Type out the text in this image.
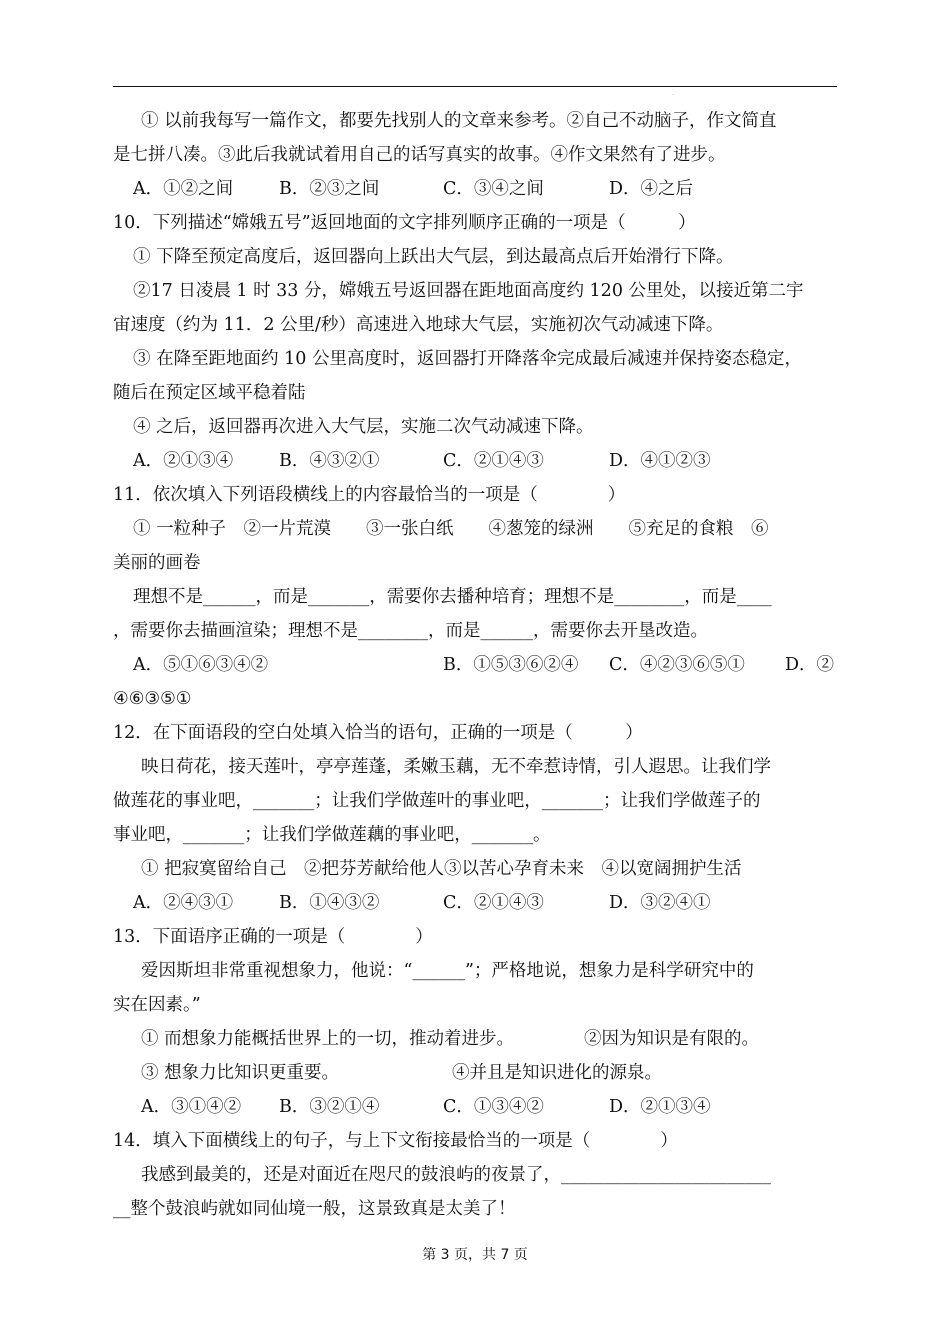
·
① 以前我每写一篇作文，都要先找别人的文章来参考。②自己不动脑子，作文简直
是七拼八凑。③此后我就试着用自己的话写真实的故事。④作文果然有了进步。
A．①②之间	B．②③之间	C．③④之间	D．④之后
10．下列描述“嫦娥五号”返回地面的文字排列顺序正确的一项是（　　　）
① 下降至预定高度后，返回器向上跃出大气层，到达最高点后开始滑行下降。
②17 日凌晨 1 时 33 分，嫦娥五号返回器在距地面高度约 120 公里处，以接近第二宇
宙速度（约为 11．2 公里/秒）高速进入地球大气层，实施初次气动减速下降。
③ 在降至距地面约 10 公里高度时，返回器打开降落伞完成最后减速并保持姿态稳定，
随后在预定区域平稳着陆
④ 之后，返回器再次进入大气层，实施二次气动减速下降。
A．②①③④	B．④③②①	C．②①④③	D．④①②③
11．依次填入下列语段横线上的内容最恰当的一项是（　　　　）
① 一粒种子　②一片荒漠　　③一张白纸　　④葱笼的绿洲　　⑤充足的食粮　⑥
美丽的画卷
理想不是______，而是_______，需要你去播种培育；理想不是________，而是____
，需要你去描画渲染；理想不是________，而是______，需要你去开垦改造。
A．⑤①⑥③④②	B．①⑤③⑥②④	C．④②③⑥⑤①	D．②
④⑥③⑤①
12．在下面语段的空白处填入恰当的语句，正确的一项是（　　　）
映日荷花，接天莲叶，亭亭莲蓬，柔嫩玉藕，无不牵惹诗情，引人遐思。让我们学
做莲花的事业吧，_______；让我们学做莲叶的事业吧，_______；让我们学做莲子的
事业吧，_______；让我们学做莲藕的事业吧，_______。
① 把寂寞留给自己　②把芬芳献给他人③以苦心孕育未来　④以宽阔拥护生活
A．②④③①	B．①④③②	C．②①④③	D．③②④①
13．下面语序正确的一项是（　　　　）
爱因斯坦非常重视想象力，他说：“______”；严格地说，想象力是科学研究中的
实在因素。”
① 而想象力能概括世界上的一切，推动着进步。	②因为知识是有限的。
③ 想象力比知识更重要。	④并且是知识进化的源泉。
A．③①④②	B．③②①④	C．①③④②	D．②①③④
14．填入下面横线上的句子，与上下文衔接最恰当的一项是（　　　　）
我感到最美的，还是对面近在咫尺的鼓浪屿的夜景了，________________________
__整个鼓浪屿就如同仙境一般，这景致真是太美了！
第 3 页，共 7 页
